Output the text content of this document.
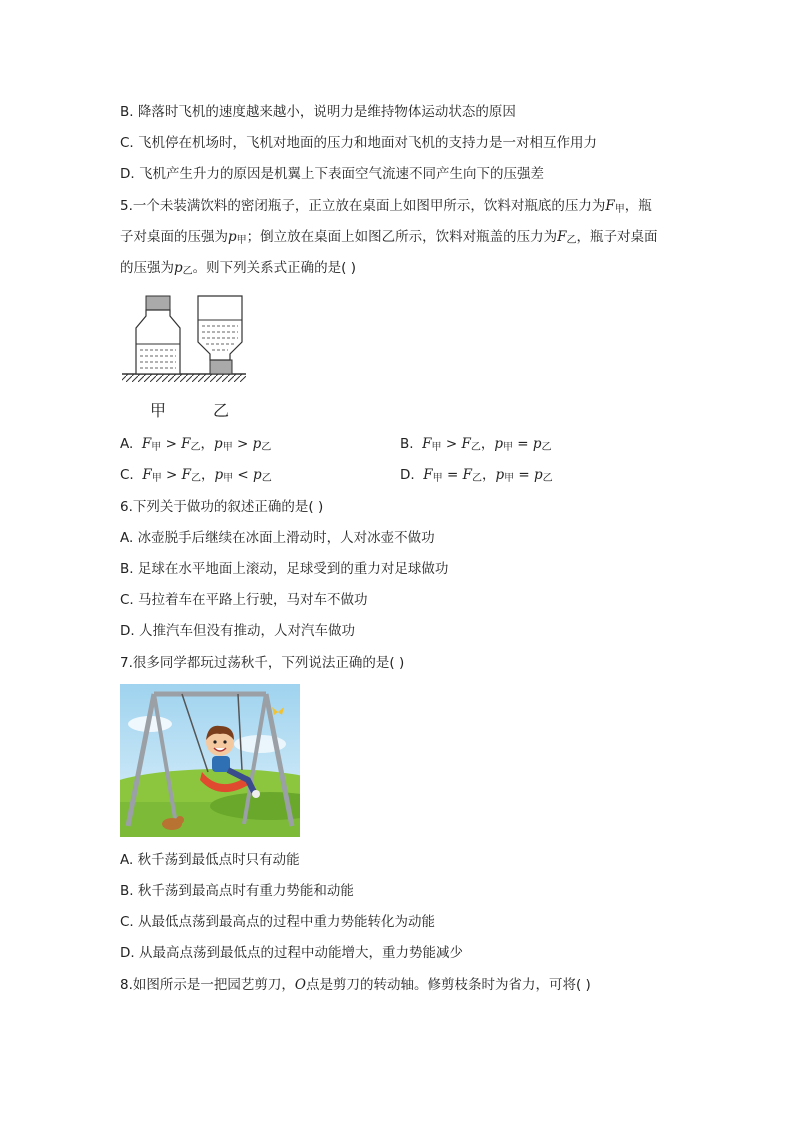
B. 降落时飞机的速度越来越小，说明力是维持物体运动状态的原因
C. 飞机停在机场时，飞机对地面的压力和地面对飞机的支持力是一对相互作用力
D. 飞机产生升力的原因是机翼上下表面空气流速不同产生向下的压强差
5.一个未装满饮料的密闭瓶子，正立放在桌面上如图甲所示，饮料对瓶底的压力为$F_甲$，瓶
子对桌面的压强为$p_甲$；倒立放在桌面上如图乙所示，饮料对瓶盖的压力为$F_乙$，瓶子对桌面
的压强为$p_乙$。则下列关系式正确的是( )
甲	乙
A. $F_甲 > F_乙$，$p_甲 > p_乙$	B. $F_甲 > F_乙$，$p_甲 = p_乙$
C. $F_甲 > F_乙$，$p_甲 < p_乙$	D. $F_甲 = F_乙$，$p_甲 = p_乙$
6.下列关于做功的叙述正确的是( )
A. 冰壶脱手后继续在冰面上滑动时，人对冰壶不做功
B. 足球在水平地面上滚动，足球受到的重力对足球做功
C. 马拉着车在平路上行驶，马对车不做功
D. 人推汽车但没有推动，人对汽车做功
7.很多同学都玩过荡秋千，下列说法正确的是( )
A. 秋千荡到最低点时只有动能
B. 秋千荡到最高点时有重力势能和动能
C. 从最低点荡到最高点的过程中重力势能转化为动能
D. 从最高点荡到最低点的过程中动能增大，重力势能减少
8.如图所示是一把园艺剪刀，O点是剪刀的转动轴。修剪枝条时为省力，可将( )
